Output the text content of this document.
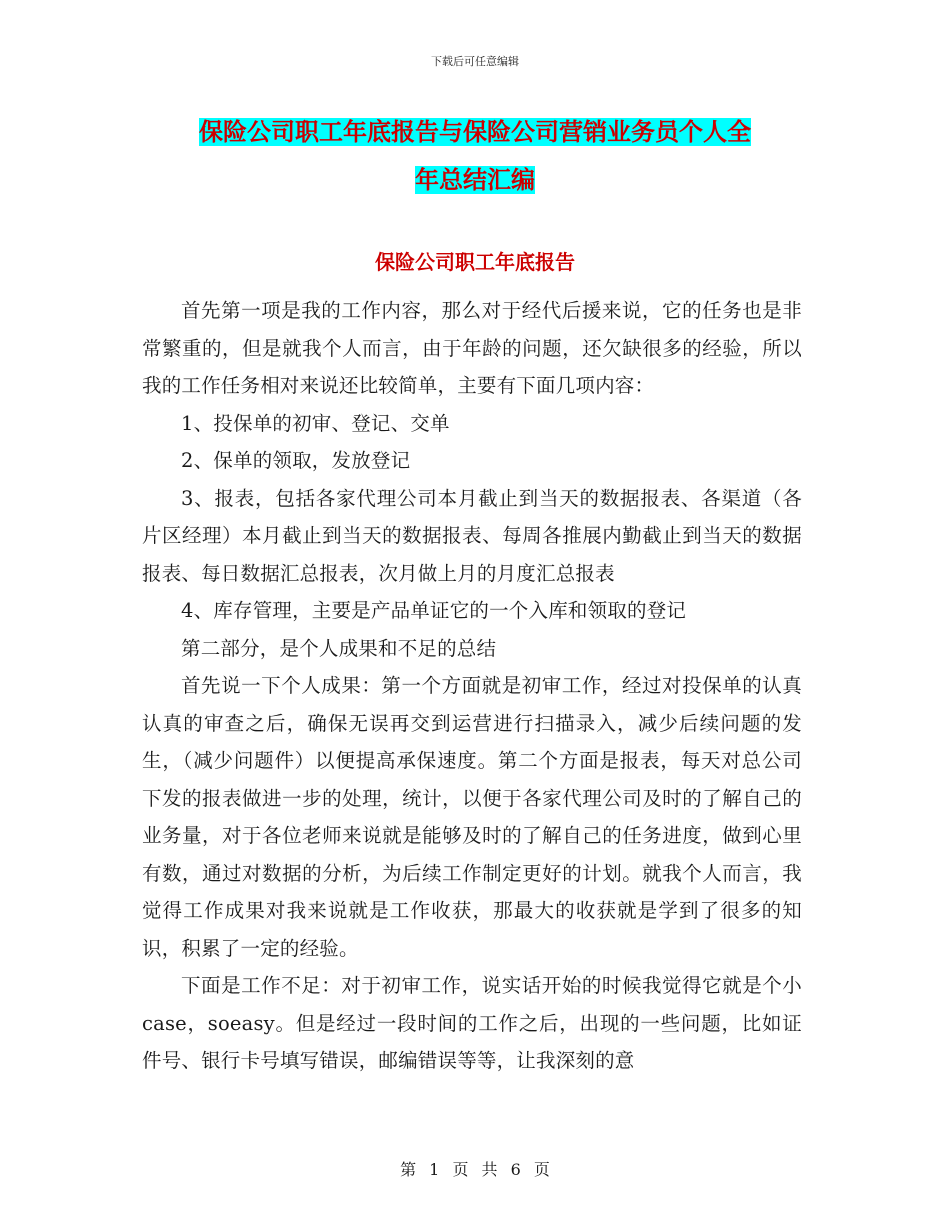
下载后可任意编辑
保险公司职工年底报告与保险公司营销业务员个人全
年总结汇编
保险公司职工年底报告

首先第一项是我的工作内容，那么对于经代后援来说，它的任务也是非常繁重的，但是就我个人而言，由于年龄的问题，还欠缺很多的经验，所以我的工作任务相对来说还比较简单，主要有下面几项内容：

1、投保单的初审、登记、交单

2、保单的领取，发放登记

3、报表，包括各家代理公司本月截止到当天的数据报表、各渠道（各片区经理）本月截止到当天的数据报表、每周各推展内勤截止到当天的数据报表、每日数据汇总报表，次月做上月的月度汇总报表

4、库存管理，主要是产品单证它的一个入库和领取的登记

第二部分，是个人成果和不足的总结

首先说一下个人成果：第一个方面就是初审工作，经过对投保单的认真认真的审查之后，确保无误再交到运营进行扫描录入，减少后续问题的发生，（减少问题件）以便提高承保速度。第二个方面是报表，每天对总公司下发的报表做进一步的处理，统计，以便于各家代理公司及时的了解自己的业务量，对于各位老师来说就是能够及时的了解自己的任务进度，做到心里有数，通过对数据的分析，为后续工作制定更好的计划。就我个人而言，我觉得工作成果对我来说就是工作收获，那最大的收获就是学到了很多的知识，积累了一定的经验。

下面是工作不足：对于初审工作，说实话开始的时候我觉得它就是个小case，soeasy。但是经过一段时间的工作之后，出现的一些问题，比如证件号、银行卡号填写错误，邮编错误等等，让我深刻的意

第 1 页 共 6 页
